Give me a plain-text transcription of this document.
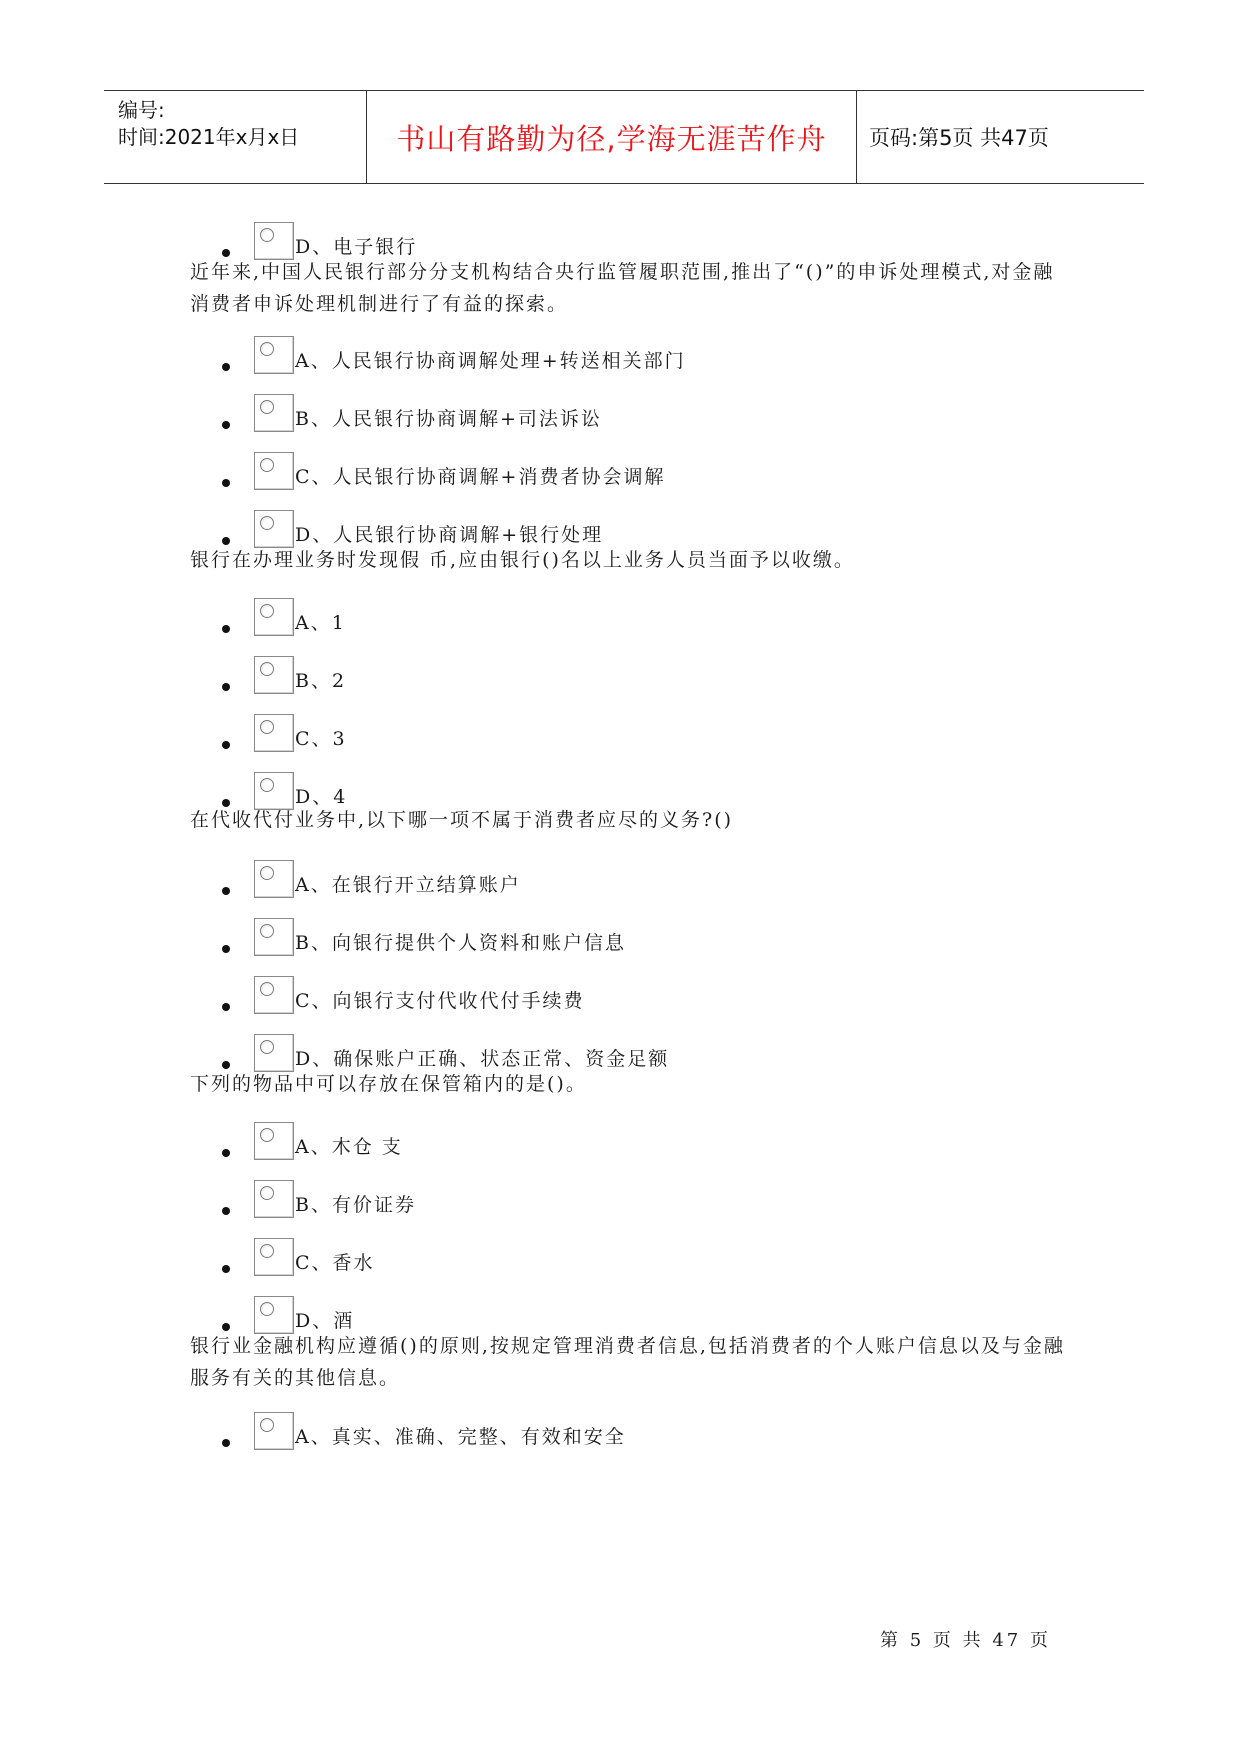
编号:
时间:2021年x月x日	书山有路勤为径,学海无涯苦作舟	页码:第5页 共47页
D、电子银行
近年来,中国人民银行部分分支机构结合央行监管履职范围,推出了“()”的申诉处理模式,对金融消费者申诉处理机制进行了有益的探索。
A、人民银行协商调解处理+转送相关部门
B、人民银行协商调解+司法诉讼
C、人民银行协商调解+消费者协会调解
D、人民银行协商调解+银行处理
银行在办理业务时发现假 币,应由银行()名以上业务人员当面予以收缴。
A、1
B、2
C、3
D、4
在代收代付业务中,以下哪一项不属于消费者应尽的义务?()
A、在银行开立结算账户
B、向银行提供个人资料和账户信息
C、向银行支付代收代付手续费
D、确保账户正确、状态正常、资金足额
下列的物品中可以存放在保管箱内的是()。
A、木仓 支
B、有价证券
C、香水
D、酒
银行业金融机构应遵循()的原则,按规定管理消费者信息,包括消费者的个人账户信息以及与金融服务有关的其他信息。
A、真实、准确、完整、有效和安全
第 5 页 共 47 页
